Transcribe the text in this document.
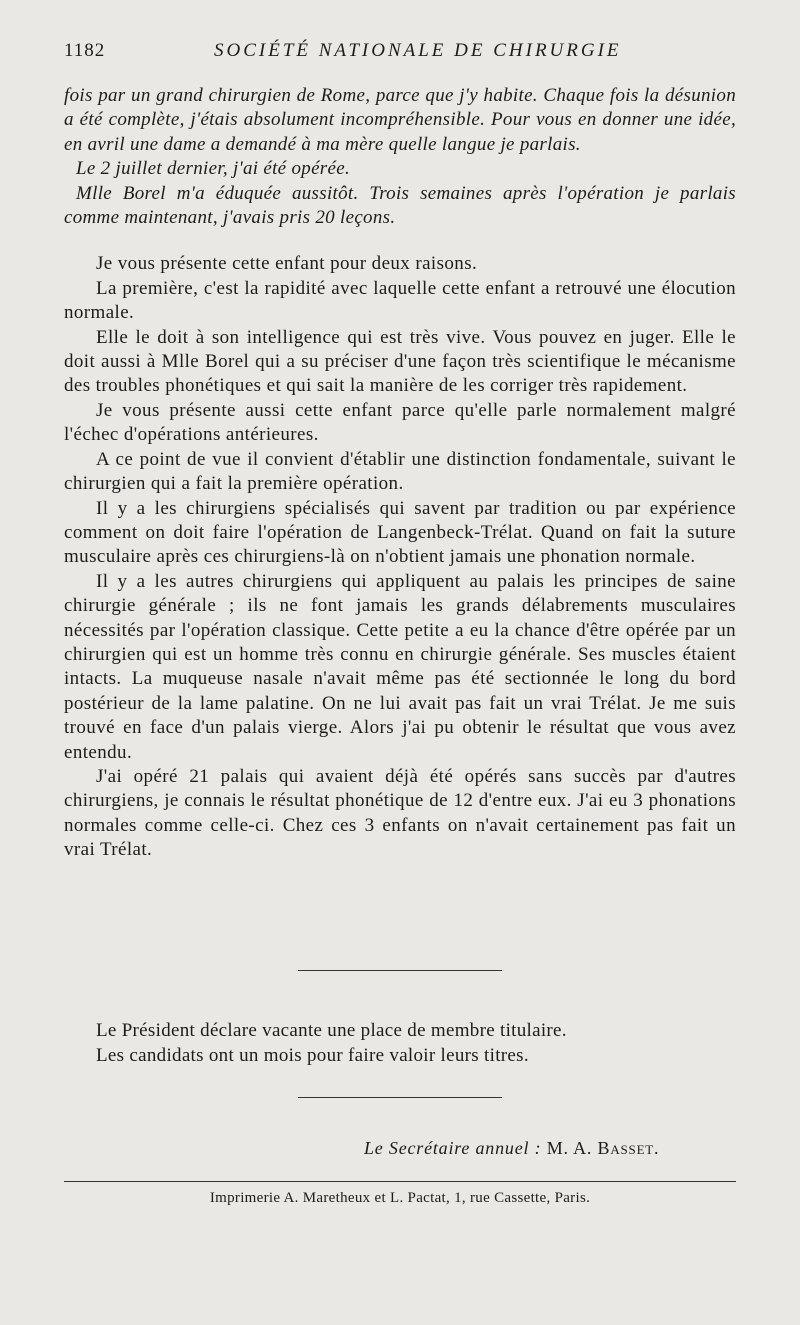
1182	SOCIÉTÉ NATIONALE DE CHIRURGIE

fois par un grand chirurgien de Rome, parce que j'y habite. Chaque fois la désunion a été complète, j'étais absolument incompréhensible. Pour vous en donner une idée, en avril une dame a demandé à ma mère quelle langue je parlais.

Le 2 juillet dernier, j'ai été opérée.

Mlle Borel m'a éduquée aussitôt. Trois semaines après l'opération je parlais comme maintenant, j'avais pris 20 leçons.

Je vous présente cette enfant pour deux raisons.

La première, c'est la rapidité avec laquelle cette enfant a retrouvé une élocution normale.

Elle le doit à son intelligence qui est très vive. Vous pouvez en juger. Elle le doit aussi à Mlle Borel qui a su préciser d'une façon très scientifique le mécanisme des troubles phonétiques et qui sait la manière de les corriger très rapidement.

Je vous présente aussi cette enfant parce qu'elle parle normalement malgré l'échec d'opérations antérieures.

A ce point de vue il convient d'établir une distinction fondamentale, suivant le chirurgien qui a fait la première opération.

Il y a les chirurgiens spécialisés qui savent par tradition ou par expérience comment on doit faire l'opération de Langenbeck-Trélat. Quand on fait la suture musculaire après ces chirurgiens-là on n'obtient jamais une phonation normale.

Il y a les autres chirurgiens qui appliquent au palais les principes de saine chirurgie générale ; ils ne font jamais les grands délabrements musculaires nécessités par l'opération classique. Cette petite a eu la chance d'être opérée par un chirurgien qui est un homme très connu en chirurgie générale. Ses muscles étaient intacts. La muqueuse nasale n'avait même pas été sectionnée le long du bord postérieur de la lame palatine. On ne lui avait pas fait un vrai Trélat. Je me suis trouvé en face d'un palais vierge. Alors j'ai pu obtenir le résultat que vous avez entendu.

J'ai opéré 21 palais qui avaient déjà été opérés sans succès par d'autres chirurgiens, je connais le résultat phonétique de 12 d'entre eux. J'ai eu 3 phonations normales comme celle-ci. Chez ces 3 enfants on n'avait certainement pas fait un vrai Trélat.

Le Président déclare vacante une place de membre titulaire.

Les candidats ont un mois pour faire valoir leurs titres.

Le Secrétaire annuel : M. A. Basset.
Imprimerie A. Maretheux et L. Pactat, 1, rue Cassette, Paris.
